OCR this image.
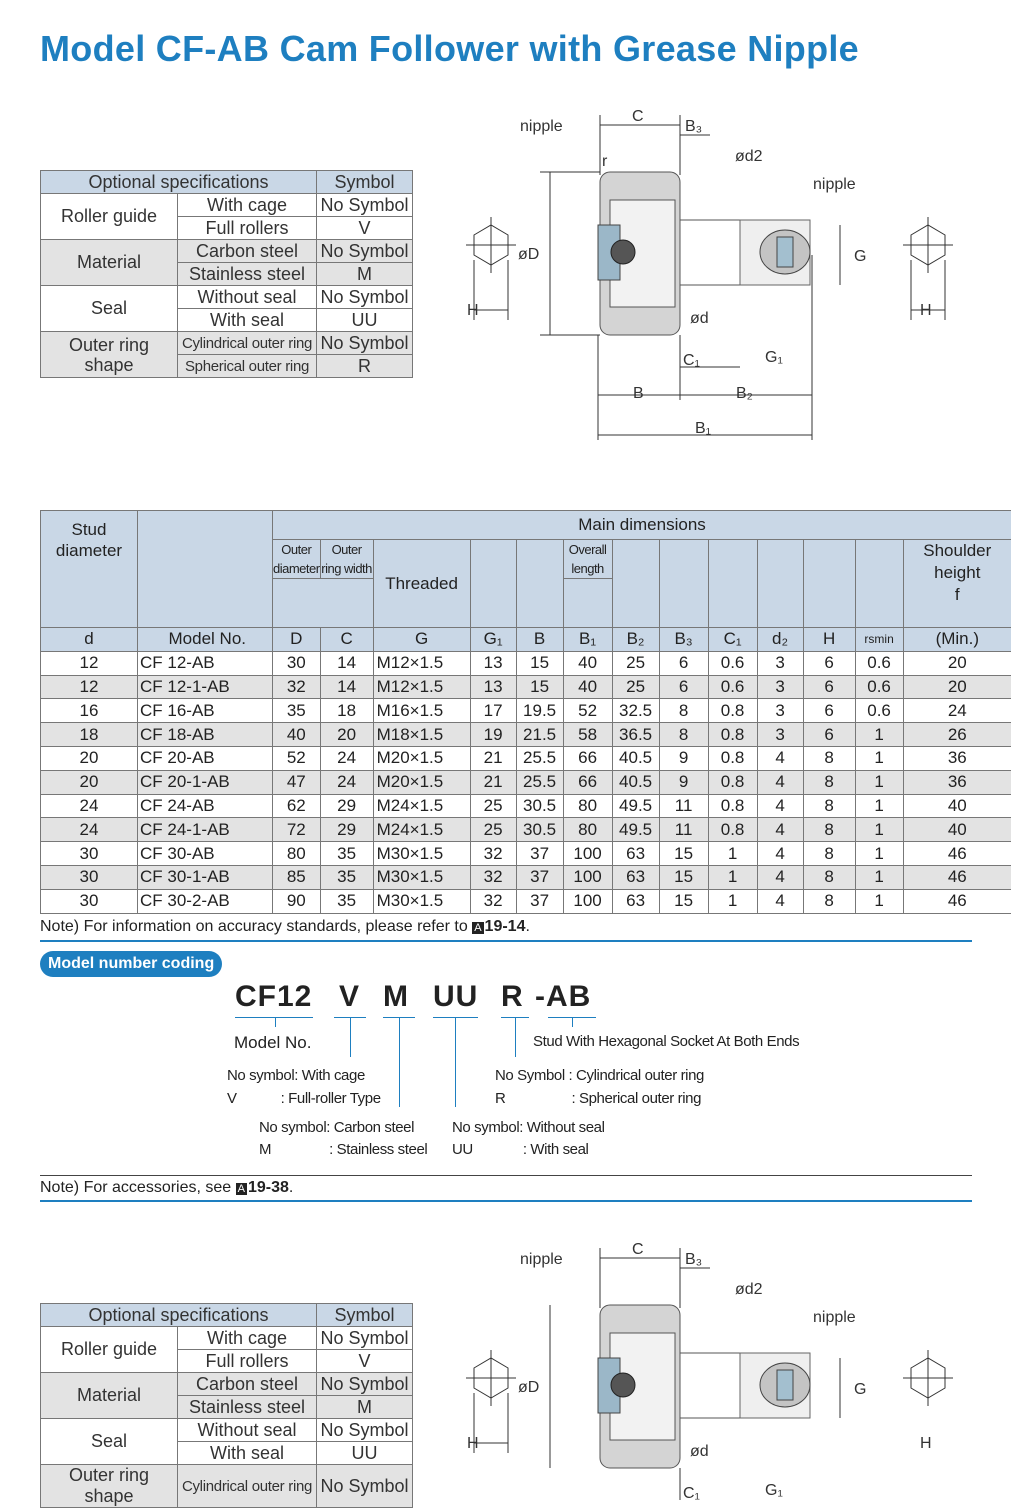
Model CF-AB Cam Follower with Grease Nipple
Optional specifications		Symbol
Roller guide	With cage	No Symbol
	Full rollers	V
Material	Carbon steel	No Symbol
	Stainless steel	M
Seal	Without seal	No Symbol
	With seal	UU
Outer ring shape	Cylindrical outer ring	No Symbol
	Spherical outer ring	R
nipple
C
B₃
ød2
r
nipple
øD	G
H	H
ød
C₁	G₁
B	B₂
B₁
Stud diameter		Main dimensions												
		Outer diameter	Outer ring width	Threaded			Overall length							Shoulder height
f

d	Model No.	D	C	G	G₁	B	B₁	B₂	B₃	C₁	d₂	H	rsmin	(Min.)
12	CF 12-AB	30	14	M12×1.5	13	15	40	25	6	0.6	3	6	0.6	20
12	CF 12-1-AB	32	14	M12×1.5	13	15	40	25	6	0.6	3	6	0.6	20
16	CF 16-AB	35	18	M16×1.5	17	19.5	52	32.5	8	0.8	3	6	0.6	24
18	CF 18-AB	40	20	M18×1.5	19	21.5	58	36.5	8	0.8	3	6	1	26
20	CF 20-AB	52	24	M20×1.5	21	25.5	66	40.5	9	0.8	4	8	1	36
20	CF 20-1-AB	47	24	M20×1.5	21	25.5	66	40.5	9	0.8	4	8	1	36
24	CF 24-AB	62	29	M24×1.5	25	30.5	80	49.5	11	0.8	4	8	1	40
24	CF 24-1-AB	72	29	M24×1.5	25	30.5	80	49.5	11	0.8	4	8	1	40
30	CF 30-AB	80	35	M30×1.5	32	37	100	63	15	1	4	8	1	46
30	CF 30-1-AB	85	35	M30×1.5	32	37	100	63	15	1	4	8	1	46
30	CF 30-2-AB	90	35	M30×1.5	32	37	100	63	15	1	4	8	1	46
Note) For information on accuracy standards, please refer to A 19-14.
Model number coding
CF12 V M UU R -AB
Model No.	Stud With Hexagonal Socket At Both Ends
No symbol: With cage
V	: Full-roller Type
No Symbol : Cylindrical outer ring
R	: Spherical outer ring
No symbol: Carbon steel
M	: Stainless steel
No symbol: Without seal
UU	: With seal
Note) For accessories, see A 19-38.
Optional specifications		Symbol
Roller guide	With cage	No Symbol
	Full rollers	V
Material	Carbon steel	No Symbol
	Stainless steel	M
Seal	Without seal	No Symbol
	With seal	UU
Outer ring shape	Cylindrical outer ring	No Symbol
nipple
C
B₃
ød2
nipple
øD	G
H	H
ød
C₁	G₁
